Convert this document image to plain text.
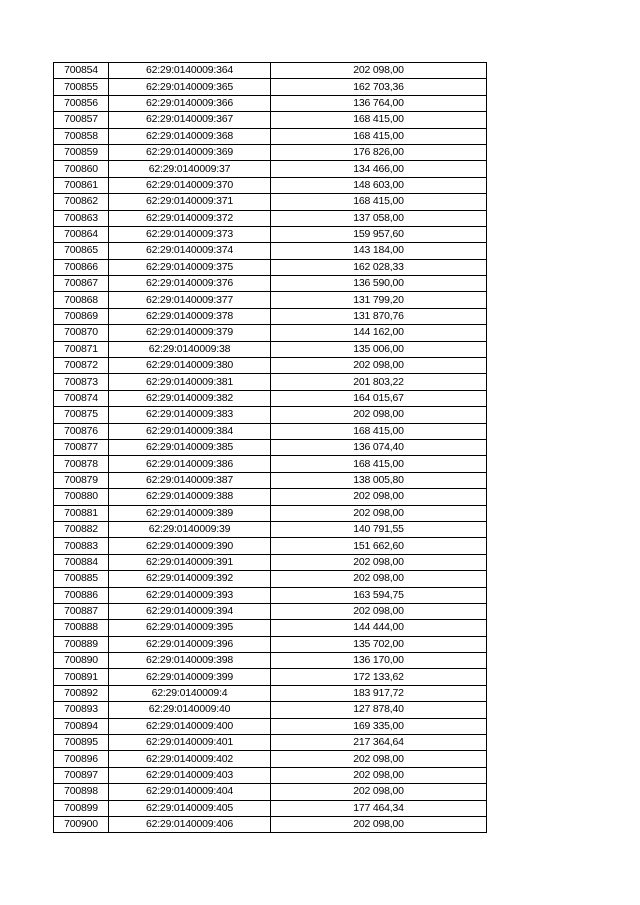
700854	62:29:0140009:364	202 098,00
700855	62:29:0140009:365	162 703,36
700856	62:29:0140009:366	136 764,00
700857	62:29:0140009:367	168 415,00
700858	62:29:0140009:368	168 415,00
700859	62:29:0140009:369	176 826,00
700860	62:29:0140009:37	134 466,00
700861	62:29:0140009:370	148 603,00
700862	62:29:0140009:371	168 415,00
700863	62:29:0140009:372	137 058,00
700864	62:29:0140009:373	159 957,60
700865	62:29:0140009:374	143 184,00
700866	62:29:0140009:375	162 028,33
700867	62:29:0140009:376	136 590,00
700868	62:29:0140009:377	131 799,20
700869	62:29:0140009:378	131 870,76
700870	62:29:0140009:379	144 162,00
700871	62:29:0140009:38	135 006,00
700872	62:29:0140009:380	202 098,00
700873	62:29:0140009:381	201 803,22
700874	62:29:0140009:382	164 015,67
700875	62:29:0140009:383	202 098,00
700876	62:29:0140009:384	168 415,00
700877	62:29:0140009:385	136 074,40
700878	62:29:0140009:386	168 415,00
700879	62:29:0140009:387	138 005,80
700880	62:29:0140009:388	202 098,00
700881	62:29:0140009:389	202 098,00
700882	62:29:0140009:39	140 791,55
700883	62:29:0140009:390	151 662,60
700884	62:29:0140009:391	202 098,00
700885	62:29:0140009:392	202 098,00
700886	62:29:0140009:393	163 594,75
700887	62:29:0140009:394	202 098,00
700888	62:29:0140009:395	144 444,00
700889	62:29:0140009:396	135 702,00
700890	62:29:0140009:398	136 170,00
700891	62:29:0140009:399	172 133,62
700892	62:29:0140009:4	183 917,72
700893	62:29:0140009:40	127 878,40
700894	62:29:0140009:400	169 335,00
700895	62:29:0140009:401	217 364,64
700896	62:29:0140009:402	202 098,00
700897	62:29:0140009:403	202 098,00
700898	62:29:0140009:404	202 098,00
700899	62:29:0140009:405	177 464,34
700900	62:29:0140009:406	202 098,00
